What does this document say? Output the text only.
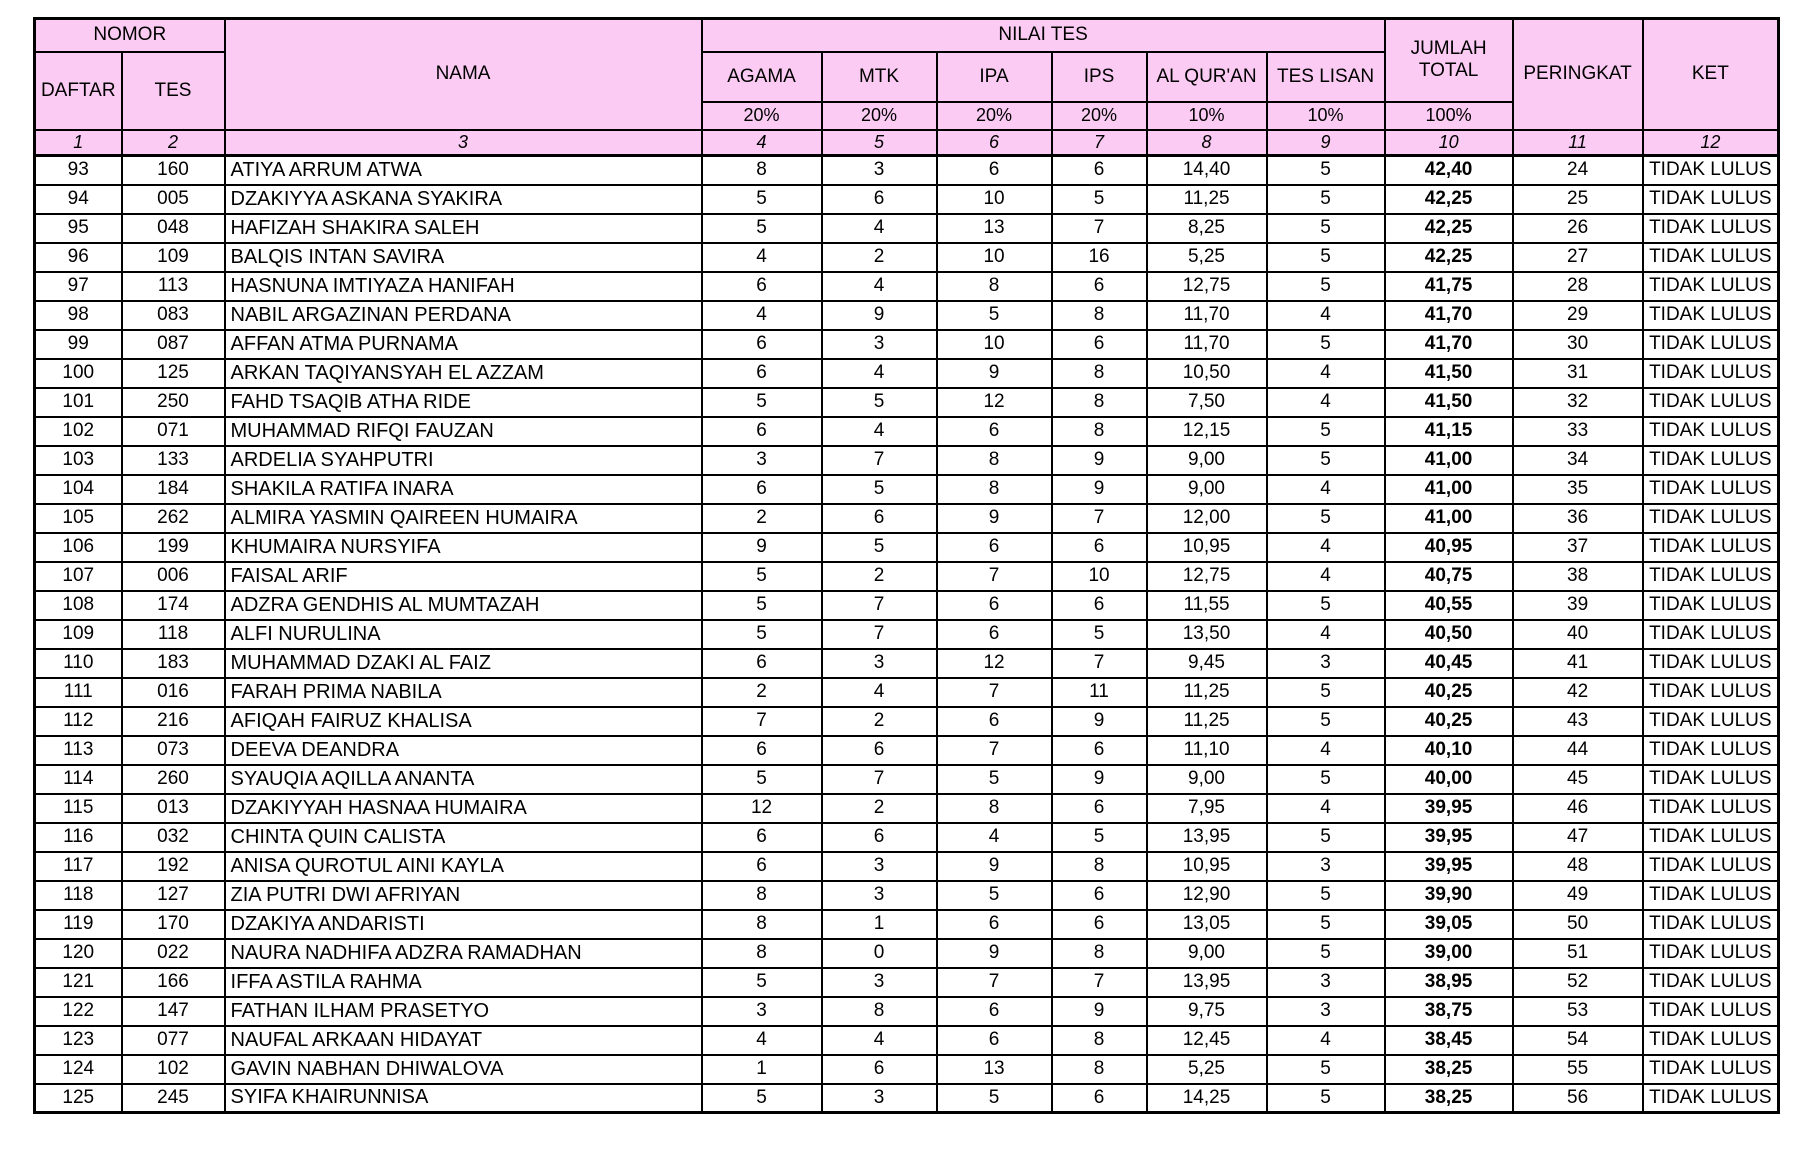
NOMOR		NAMA	NILAI TES						JUMLAH TOTAL	PERINGKAT	KET
DAFTAR	TES		AGAMA	MTK	IPA	IPS	AL QUR'AN	TES LISAN			
			20%	20%	20%	20%	10%	10%	100%		
1	2	3	4	5	6	7	8	9	10	11	12
93	160	ATIYA ARRUM ATWA	8	3	6	6	14,40	5	42,40	24	TIDAK LULUS
94	005	DZAKIYYA ASKANA SYAKIRA	5	6	10	5	11,25	5	42,25	25	TIDAK LULUS
95	048	HAFIZAH SHAKIRA SALEH	5	4	13	7	8,25	5	42,25	26	TIDAK LULUS
96	109	BALQIS INTAN SAVIRA	4	2	10	16	5,25	5	42,25	27	TIDAK LULUS
97	113	HASNUNA IMTIYAZA HANIFAH	6	4	8	6	12,75	5	41,75	28	TIDAK LULUS
98	083	NABIL ARGAZINAN PERDANA	4	9	5	8	11,70	4	41,70	29	TIDAK LULUS
99	087	AFFAN ATMA PURNAMA	6	3	10	6	11,70	5	41,70	30	TIDAK LULUS
100	125	ARKAN TAQIYANSYAH EL AZZAM	6	4	9	8	10,50	4	41,50	31	TIDAK LULUS
101	250	FAHD TSAQIB ATHA RIDE	5	5	12	8	7,50	4	41,50	32	TIDAK LULUS
102	071	MUHAMMAD RIFQI FAUZAN	6	4	6	8	12,15	5	41,15	33	TIDAK LULUS
103	133	ARDELIA SYAHPUTRI	3	7	8	9	9,00	5	41,00	34	TIDAK LULUS
104	184	SHAKILA RATIFA INARA	6	5	8	9	9,00	4	41,00	35	TIDAK LULUS
105	262	ALMIRA YASMIN QAIREEN HUMAIRA	2	6	9	7	12,00	5	41,00	36	TIDAK LULUS
106	199	KHUMAIRA NURSYIFA	9	5	6	6	10,95	4	40,95	37	TIDAK LULUS
107	006	FAISAL ARIF	5	2	7	10	12,75	4	40,75	38	TIDAK LULUS
108	174	ADZRA GENDHIS AL MUMTAZAH	5	7	6	6	11,55	5	40,55	39	TIDAK LULUS
109	118	ALFI NURULINA	5	7	6	5	13,50	4	40,50	40	TIDAK LULUS
110	183	MUHAMMAD DZAKI AL FAIZ	6	3	12	7	9,45	3	40,45	41	TIDAK LULUS
111	016	FARAH PRIMA NABILA	2	4	7	11	11,25	5	40,25	42	TIDAK LULUS
112	216	AFIQAH FAIRUZ KHALISA	7	2	6	9	11,25	5	40,25	43	TIDAK LULUS
113	073	DEEVA DEANDRA	6	6	7	6	11,10	4	40,10	44	TIDAK LULUS
114	260	SYAUQIA AQILLA ANANTA	5	7	5	9	9,00	5	40,00	45	TIDAK LULUS
115	013	DZAKIYYAH HASNAA HUMAIRA	12	2	8	6	7,95	4	39,95	46	TIDAK LULUS
116	032	CHINTA QUIN CALISTA	6	6	4	5	13,95	5	39,95	47	TIDAK LULUS
117	192	ANISA QUROTUL AINI KAYLA	6	3	9	8	10,95	3	39,95	48	TIDAK LULUS
118	127	ZIA PUTRI DWI AFRIYAN	8	3	5	6	12,90	5	39,90	49	TIDAK LULUS
119	170	DZAKIYA ANDARISTI	8	1	6	6	13,05	5	39,05	50	TIDAK LULUS
120	022	NAURA NADHIFA ADZRA RAMADHAN	8	0	9	8	9,00	5	39,00	51	TIDAK LULUS
121	166	IFFA ASTILA RAHMA	5	3	7	7	13,95	3	38,95	52	TIDAK LULUS
122	147	FATHAN ILHAM PRASETYO	3	8	6	9	9,75	3	38,75	53	TIDAK LULUS
123	077	NAUFAL ARKAAN HIDAYAT	4	4	6	8	12,45	4	38,45	54	TIDAK LULUS
124	102	GAVIN NABHAN DHIWALOVA	1	6	13	8	5,25	5	38,25	55	TIDAK LULUS
125	245	SYIFA KHAIRUNNISA	5	3	5	6	14,25	5	38,25	56	TIDAK LULUS
